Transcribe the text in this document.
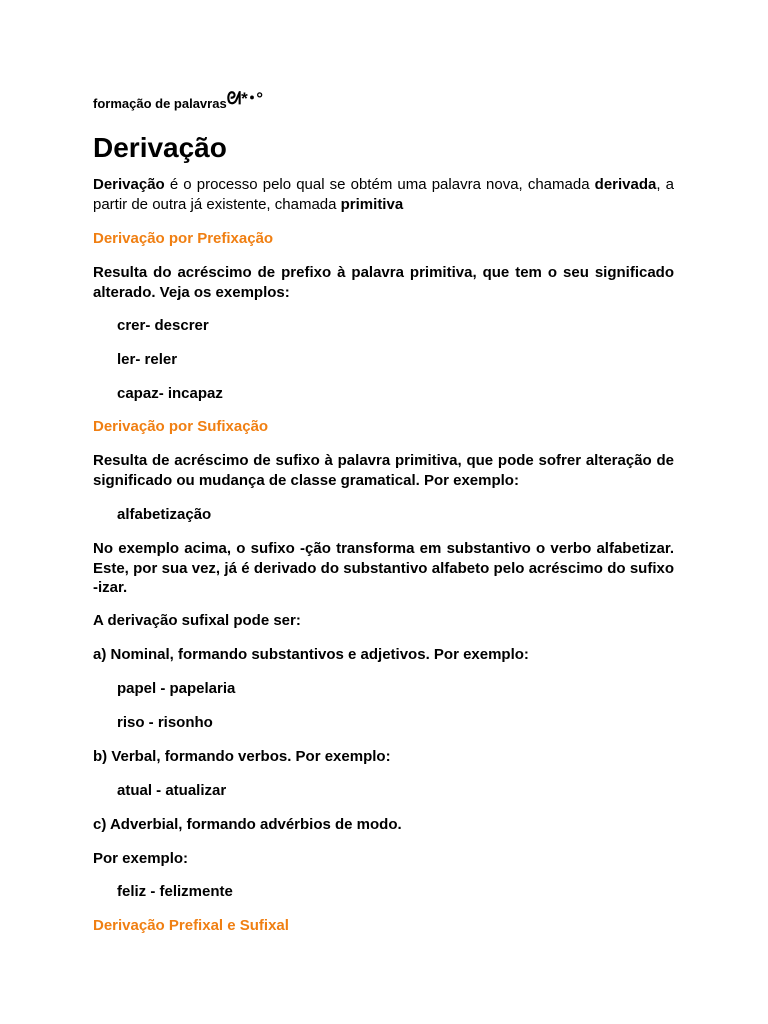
formação de palavrasᘛ*･°
Derivação
Derivação é o processo pelo qual se obtém uma palavra nova, chamada derivada, a partir de outra já existente, chamada primitiva
Derivação por Prefixação
Resulta do acréscimo de prefixo à palavra primitiva, que tem o seu significado alterado. Veja os exemplos:
crer- descrer
ler- reler
capaz- incapaz
Derivação por Sufixação
Resulta de acréscimo de sufixo à palavra primitiva, que pode sofrer alteração de significado ou mudança de classe gramatical. Por exemplo:
alfabetização
No exemplo acima, o sufixo -ção transforma em substantivo o verbo alfabetizar. Este, por sua vez, já é derivado do substantivo alfabeto pelo acréscimo do sufixo -izar.
A derivação sufixal pode ser:
a) Nominal, formando substantivos e adjetivos. Por exemplo:
papel - papelaria
riso - risonho
b) Verbal, formando verbos. Por exemplo:
atual - atualizar
c) Adverbial, formando advérbios de modo.
Por exemplo:
feliz - felizmente
Derivação Prefixal e Sufixal
